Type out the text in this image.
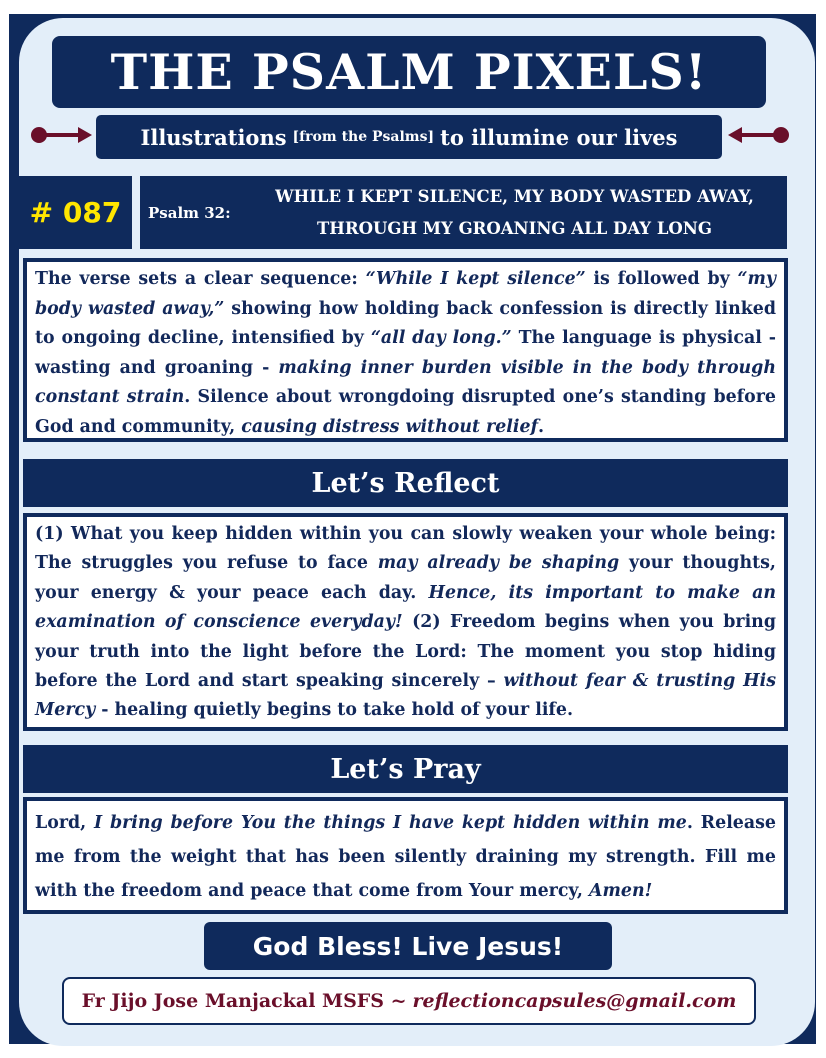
THE PSALM PIXELS!
Illustrations [from the Psalms] to illumine our lives
# 087	Psalm 32:
WHILE I KEPT SILENCE, MY BODY WASTED AWAY,
THROUGH MY GROANING ALL DAY LONG
The verse sets a clear sequence: “While I kept silence” is followed by “my body wasted away,” showing how holding back confession is directly linked to ongoing decline, intensified by “all day long.” The language is physical - wasting and groaning - making inner burden visible in the body through constant strain. Silence about wrongdoing disrupted one’s standing before God and community, causing distress without relief.
Let’s Reflect
(1) What you keep hidden within you can slowly weaken your whole being: The struggles you refuse to face may already be shaping your thoughts, your energy & your peace each day. Hence, its important to make an examination of conscience everyday! (2) Freedom begins when you bring your truth into the light before the Lord: The moment you stop hiding before the Lord and start speaking sincerely – without fear & trusting His Mercy - healing quietly begins to take hold of your life.
Let’s Pray
Lord, I bring before You the things I have kept hidden within me. Release me from the weight that has been silently draining my strength. Fill me with the freedom and peace that come from Your mercy, Amen!
God Bless! Live Jesus!
Fr Jijo Jose Manjackal MSFS ~ reflectioncapsules@gmail.com
